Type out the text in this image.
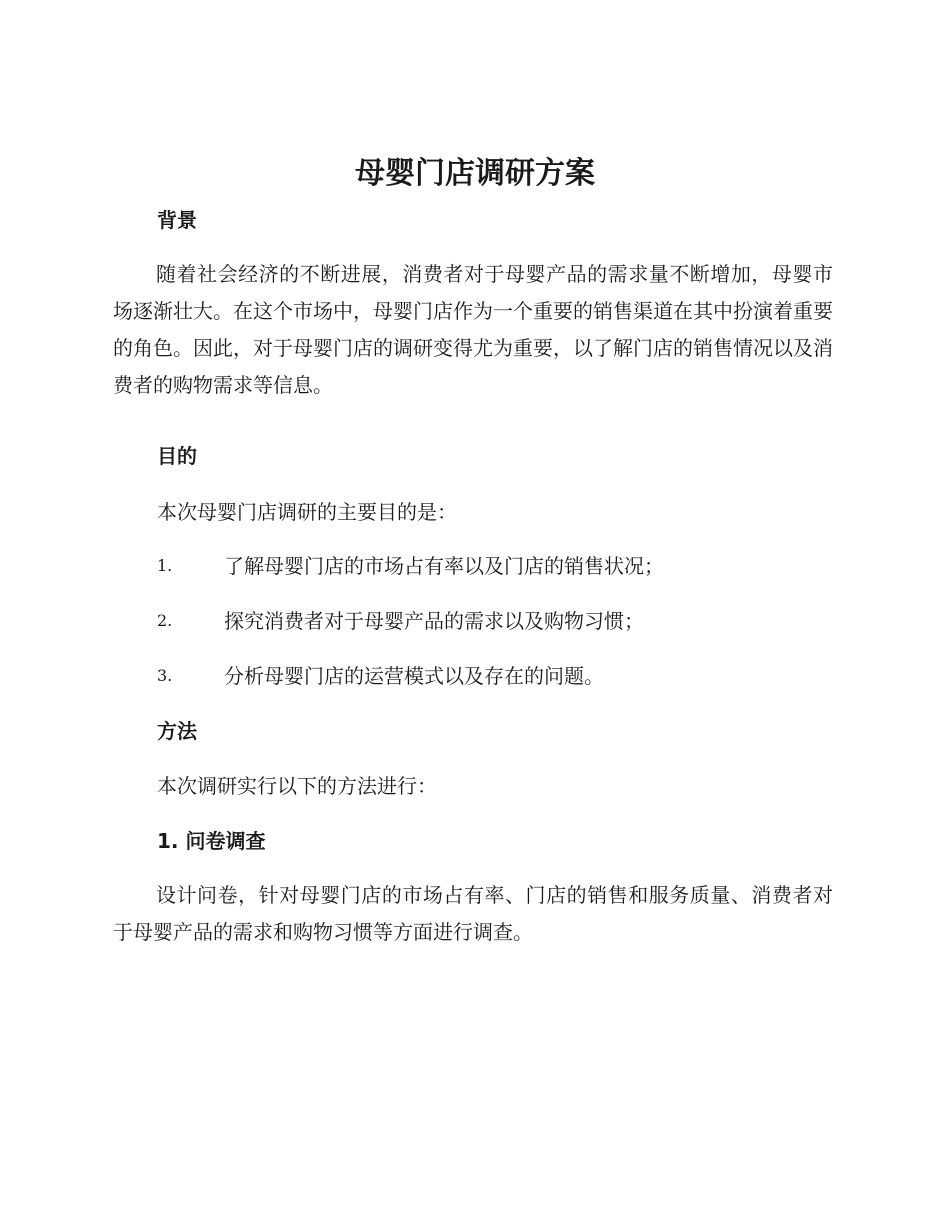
母婴门店调研方案
背景
随着社会经济的不断进展，消费者对于母婴产品的需求量不断增加，母婴市场逐渐壮大。在这个市场中，母婴门店作为一个重要的销售渠道在其中扮演着重要的角色。因此，对于母婴门店的调研变得尤为重要，以了解门店的销售情况以及消费者的购物需求等信息。
目的
本次母婴门店调研的主要目的是：
1.	了解母婴门店的市场占有率以及门店的销售状况；
2.	探究消费者对于母婴产品的需求以及购物习惯；
3.	分析母婴门店的运营模式以及存在的问题。
方法
本次调研实行以下的方法进行：
1. 问卷调查
设计问卷，针对母婴门店的市场占有率、门店的销售和服务质量、消费者对于母婴产品的需求和购物习惯等方面进行调查。
